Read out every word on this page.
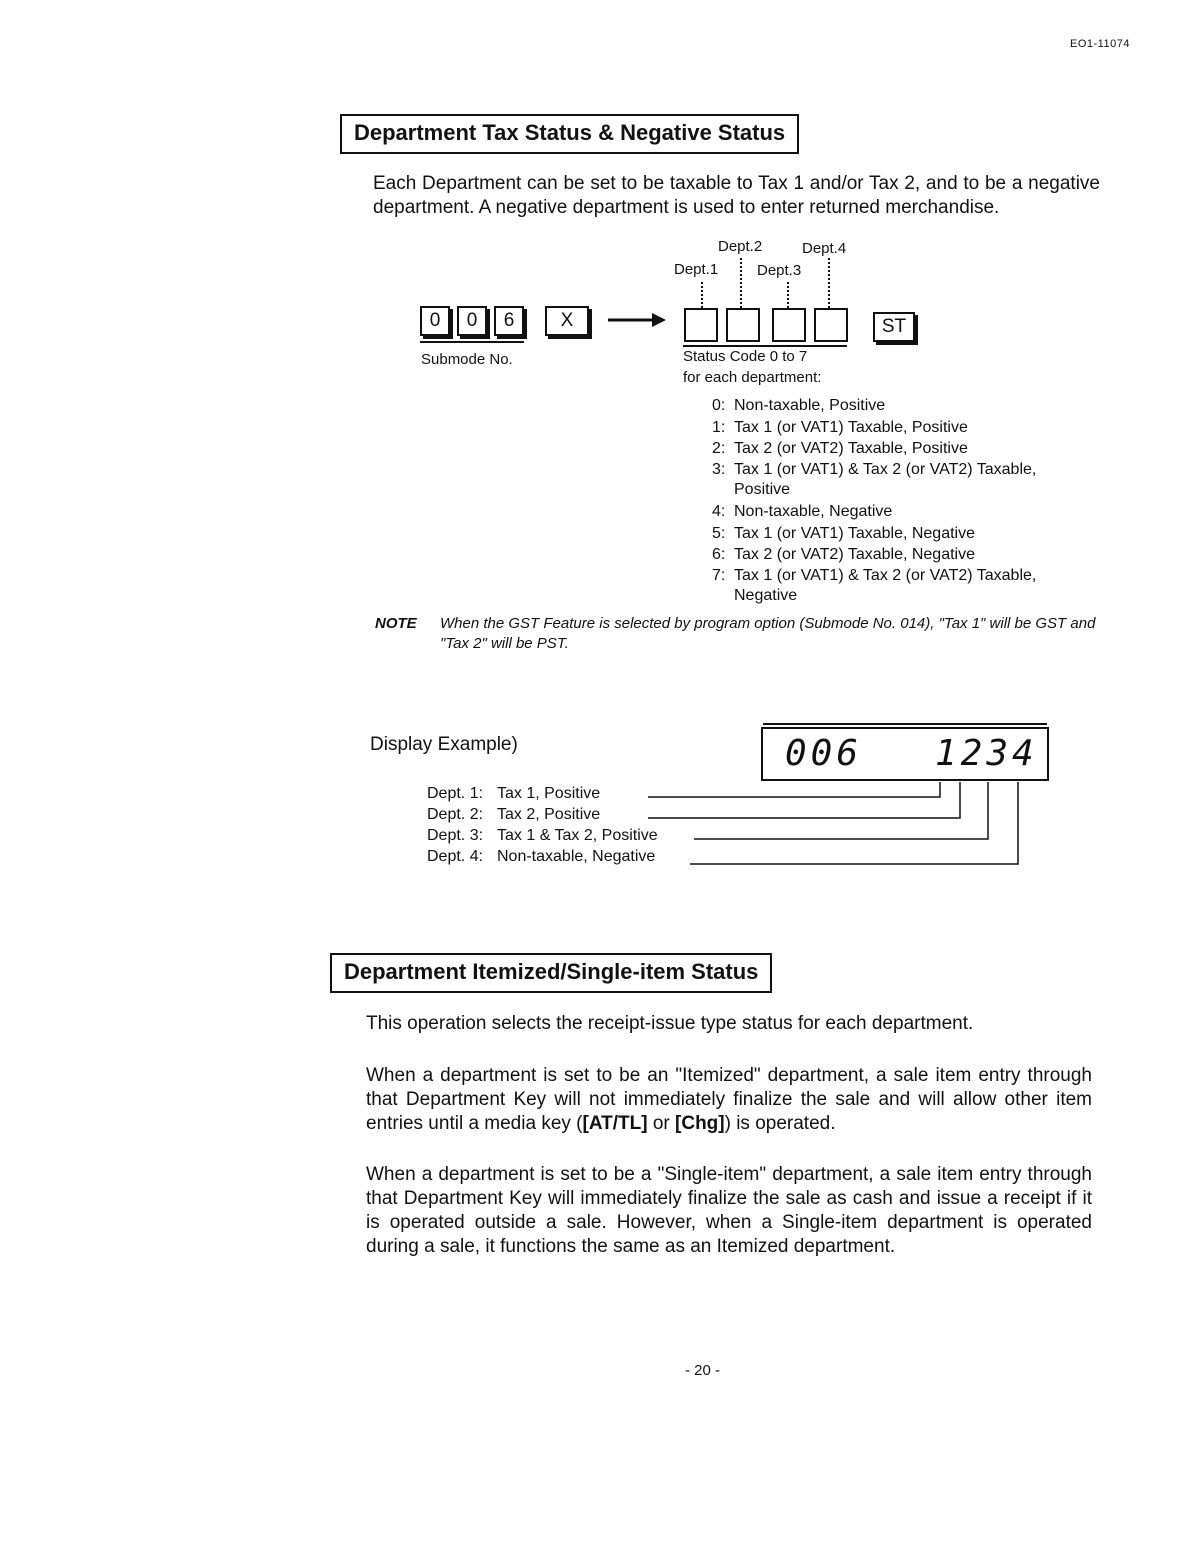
EO1-11074
Department Tax Status & Negative Status
Each Department can be set to be taxable to Tax 1 and/or Tax 2, and to be a negative department. A negative department is used to enter returned merchandise.
Dept.2	Dept.4
Dept.1	Dept.3
0	0	6
Submode No.
X	ST
Status Code 0 to 7
for each department:
0: Non-taxable, Positive
1: Tax 1 (or VAT1) Taxable, Positive
2: Tax 2 (or VAT2) Taxable, Positive
3: Tax 1 (or VAT1) & Tax 2 (or VAT2) Taxable,
Positive
4: Non-taxable, Negative
5: Tax 1 (or VAT1) Taxable, Negative
6: Tax 2 (or VAT2) Taxable, Negative
7: Tax 1 (or VAT1) & Tax 2 (or VAT2) Taxable,
Negative
NOTE When the GST Feature is selected by program option (Submode No. 014), "Tax 1" will be GST and "Tax 2" will be PST.
Display Example)	006 1234
Dept. 1: Tax 1, Positive
Dept. 2: Tax 2, Positive
Dept. 3: Tax 1 & Tax 2, Positive
Dept. 4: Non-taxable, Negative
Department Itemized/Single-item Status
This operation selects the receipt-issue type status for each department.
When a department is set to be an "Itemized" department, a sale item entry through that Department Key will not immediately finalize the sale and will allow other item entries until a media key ([AT/TL] or [Chg]) is operated.
When a department is set to be a "Single-item" department, a sale item entry through that Department Key will immediately finalize the sale as cash and issue a receipt if it is operated outside a sale. However, when a Single-item department is operated during a sale, it functions the same as an Itemized department.
- 20 -
